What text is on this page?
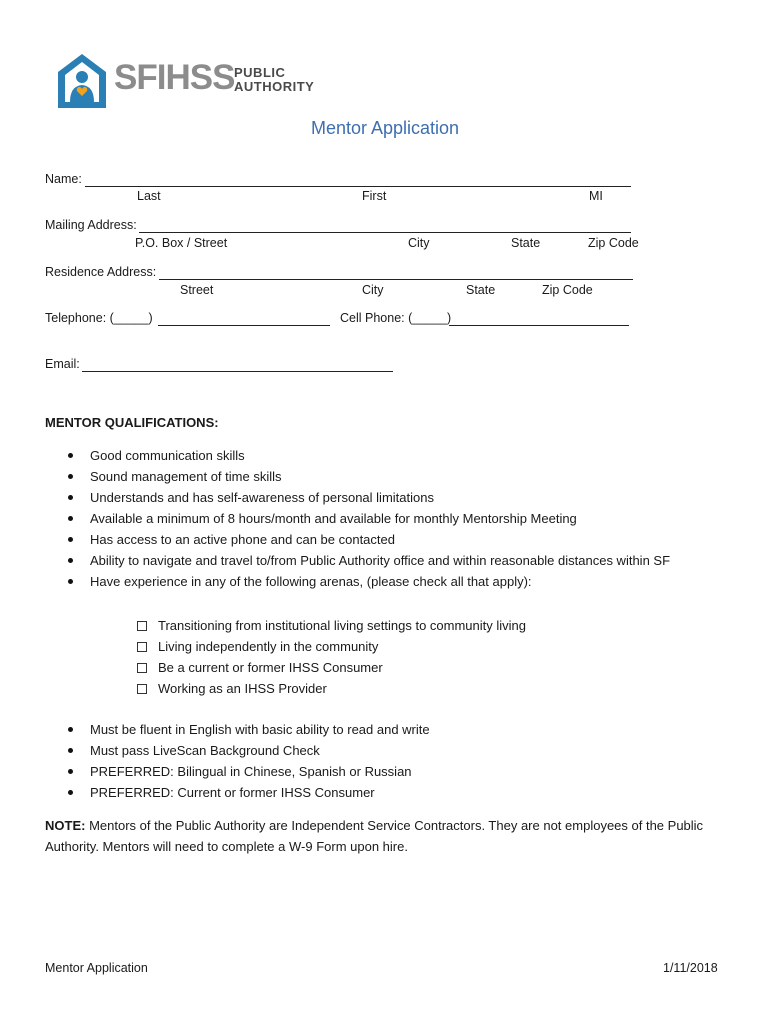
SFIHSS PUBLIC
AUTHORITY
Mentor Application
Name:
Last	First	MI
Mailing Address:
P.O. Box / Street	City	State	Zip Code
Residence Address:
Street	City	State	Zip Code
Telephone: (_____)	Cell Phone: (_____)
Email:
MENTOR QUALIFICATIONS:
Good communication skills
Sound management of time skills
Understands and has self-awareness of personal limitations
Available a minimum of 8 hours/month and available for monthly Mentorship Meeting
Has access to an active phone and can be contacted
Ability to navigate and travel to/from Public Authority office and within reasonable distances within SF
Have experience in any of the following arenas, (please check all that apply):
Transitioning from institutional living settings to community living
Living independently in the community
Be a current or former IHSS Consumer
Working as an IHSS Provider
Must be fluent in English with basic ability to read and write
Must pass LiveScan Background Check
PREFERRED: Bilingual in Chinese, Spanish or Russian
PREFERRED: Current or former IHSS Consumer
NOTE: Mentors of the Public Authority are Independent Service Contractors. They are not employees of the Public Authority. Mentors will need to complete a W-9 Form upon hire.
Mentor Application	1/11/2018
